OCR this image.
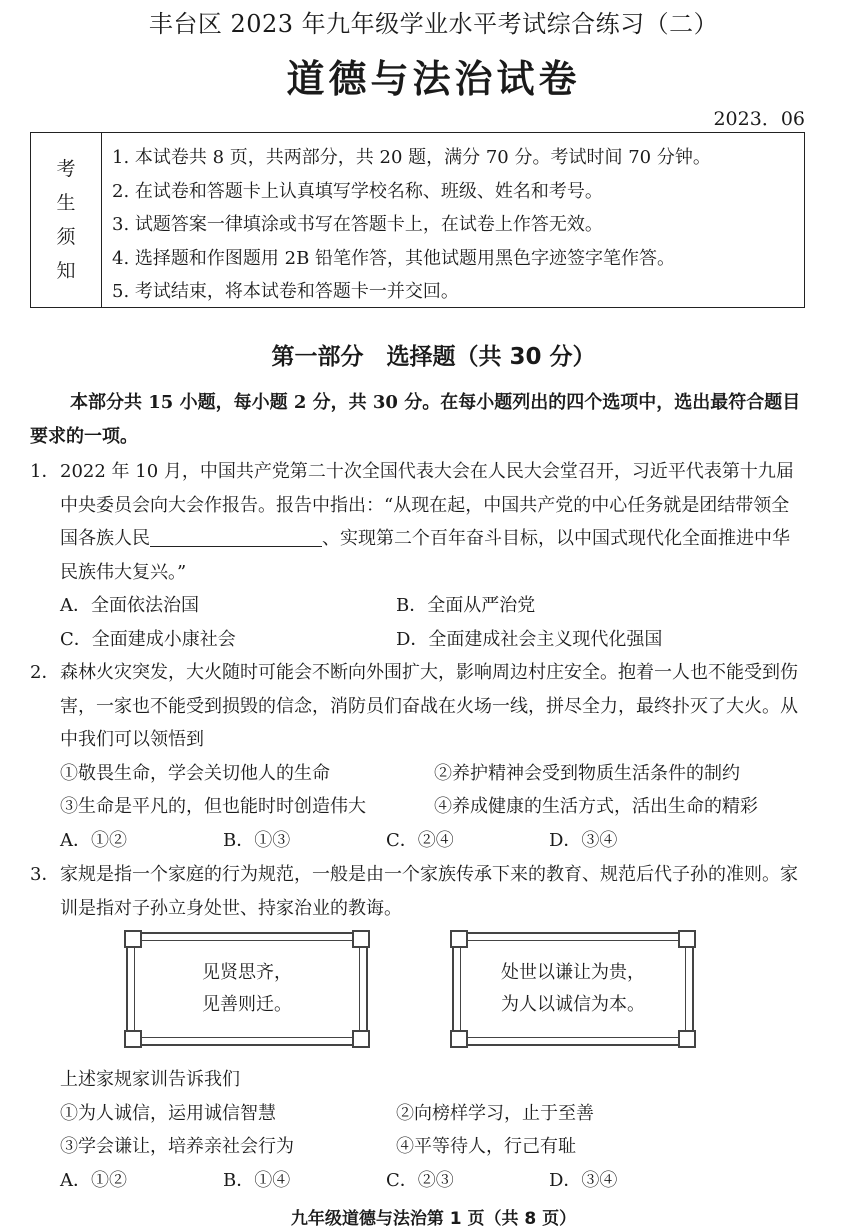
丰台区 2023 年九年级学业水平考试综合练习（二）
道德与法治试卷
2023．06
考
生
须
知
1. 本试卷共 8 页，共两部分，共 20 题，满分 70 分。考试时间 70 分钟。
2. 在试卷和答题卡上认真填写学校名称、班级、姓名和考号。
3. 试题答案一律填涂或书写在答题卡上，在试卷上作答无效。
4. 选择题和作图题用 2B 铅笔作答，其他试题用黑色字迹签字笔作答。
5. 考试结束，将本试卷和答题卡一并交回。
第一部分　选择题（共 30 分）
本部分共 15 小题，每小题 2 分，共 30 分。在每小题列出的四个选项中，选出最符合题目要求的一项。
1．2022 年 10 月，中国共产党第二十次全国代表大会在人民大会堂召开，习近平代表第十九届中央委员会向大会作报告。报告中指出：“从现在起，中国共产党的中心任务就是团结带领全国各族人民	、实现第二个百年奋斗目标，以中国式现代化全面推进中华民族伟大复兴。”
A．全面依法治国	B．全面从严治党
C．全面建成小康社会	D．全面建成社会主义现代化强国
2．森林火灾突发，大火随时可能会不断向外围扩大，影响周边村庄安全。抱着一人也不能受到伤害，一家也不能受到损毁的信念，消防员们奋战在火场一线，拼尽全力，最终扑灭了大火。从中我们可以领悟到
①敬畏生命，学会关切他人的生命	②养护精神会受到物质生活条件的制约
③生命是平凡的，但也能时时创造伟大	④养成健康的生活方式，活出生命的精彩
A．①②	B．①③	C．②④	D．③④
3．家规是指一个家庭的行为规范，一般是由一个家族传承下来的教育、规范后代子孙的准则。家训是指对子孙立身处世、持家治业的教诲。
见贤思齐，
见善则迁。
处世以谦让为贵，
为人以诚信为本。
上述家规家训告诉我们
①为人诚信，运用诚信智慧	②向榜样学习，止于至善
③学会谦让，培养亲社会行为	④平等待人，行己有耻
A．①②	B．①④	C．②③	D．③④
九年级道德与法治第 1 页（共 8 页）
